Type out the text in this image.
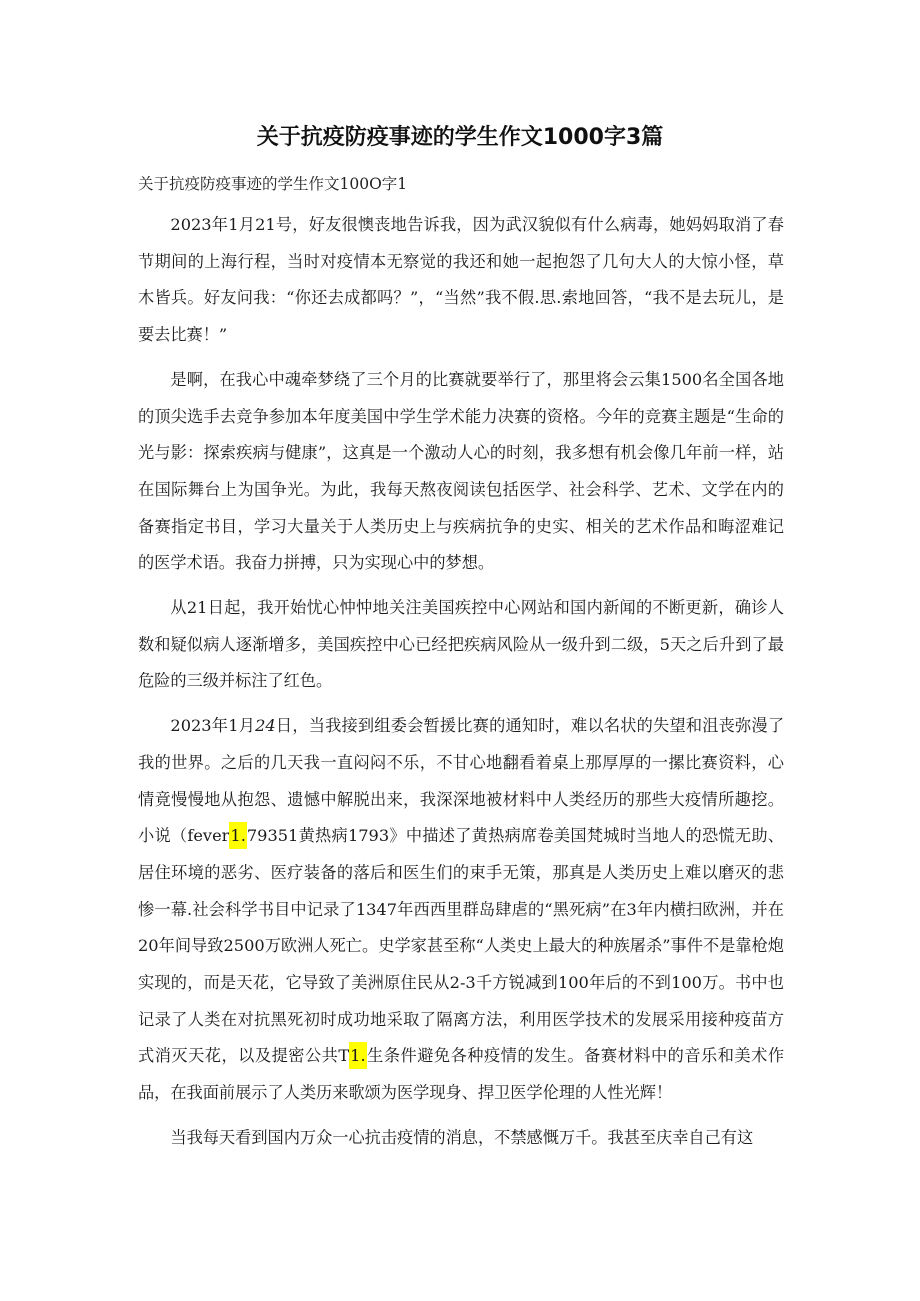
关于抗疫防疫事迹的学生作文1000字3篇
关于抗疫防疫事迹的学生作文100O字1

2023年1月21号，好友很懊丧地告诉我，因为武汉貌似有什么病毒，她妈妈取消了春节期间的上海行程，当时对疫情本无察觉的我还和她一起抱怨了几句大人的大惊小怪，草木皆兵。好友问我：“你还去成都吗？”，“当然”我不假.思.索地回答，“我不是去玩儿，是要去比赛！”

是啊，在我心中魂牵梦绕了三个月的比赛就要举行了，那里将会云集1500名全国各地的顶尖选手去竞争参加本年度美国中学生学术能力决赛的资格。今年的竞赛主题是“生命的光与影：探索疾病与健康”，这真是一个激动人心的时刻，我多想有机会像几年前一样，站在国际舞台上为国争光。为此，我每天熬夜阅读包括医学、社会科学、艺术、文学在内的备赛指定书目，学习大量关于人类历史上与疾病抗争的史实、相关的艺术作品和晦涩难记的医学术语。我奋力拼搏，只为实现心中的梦想。

从21日起，我开始忧心忡忡地关注美国疾控中心网站和国内新闻的不断更新，确诊人数和疑似病人逐渐增多，美国疾控中心已经把疾病风险从一级升到二级，5天之后升到了最危险的三级并标注了红色。

2023年1月24日，当我接到组委会暂援比赛的通知时，难以名状的失望和沮丧弥漫了我的世界。之后的几天我一直闷闷不乐，不甘心地翻看着桌上那厚厚的一摞比赛资料，心情竟慢慢地从抱怨、遗憾中解脱出来，我深深地被材料中人类经历的那些大疫情所趣挖。小说（fever1.79351黄热病1793》中描述了黄热病席卷美国梵城时当地人的恐慌无助、居住环境的恶劣、医疗装备的落后和医生们的束手无策，那真是人类历史上难以磨灭的悲惨一幕.社会科学书目中记录了1347年西西里群岛肆虐的“黑死病”在3年内横扫欧洲，并在20年间导致2500万欧洲人死亡。史学家甚至称“人类史上最大的种族屠杀”事件不是靠枪炮实现的，而是天花，它导致了美洲原住民从2-3千方锐减到100年后的不到100万。书中也记录了人类在对抗黑死初时成功地采取了隔离方法，利用医学技术的发展采用接种疫苗方式消灭天花，以及提密公共T1.生条件避免各种疫情的发生。备赛材料中的音乐和美术作品，在我面前展示了人类历来歌颂为医学现身、捍卫医学伦理的人性光辉！

当我每天看到国内万众一心抗击疫情的消息，不禁感慨万千。我甚至庆幸自己有这
